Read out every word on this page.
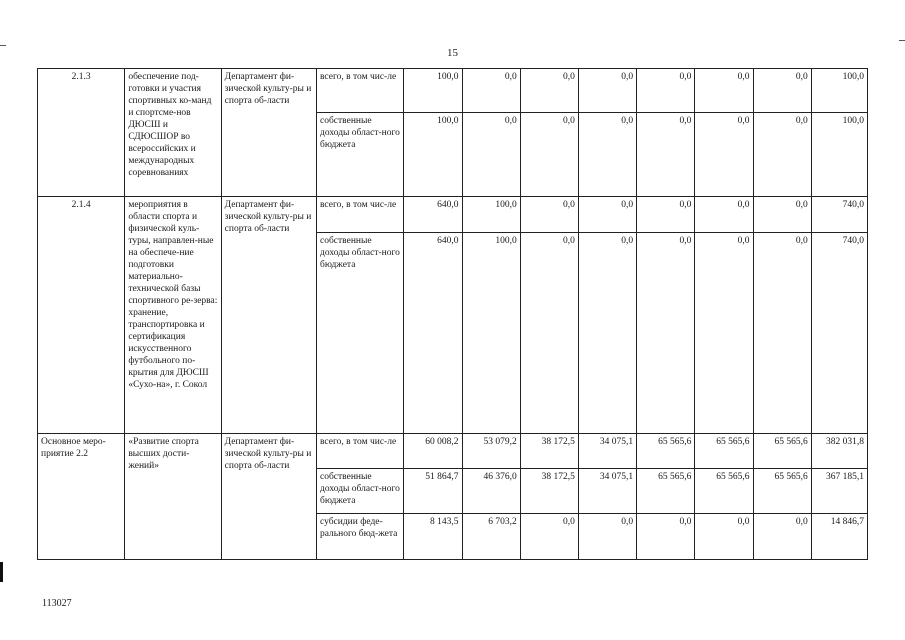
15
2.1.3	обеспечение под-готовки и участия спортивных ко-манд и спортсме-нов ДЮСШ и СДЮСШОР во всероссийских и международных соревнованиях	Департамент фи-зической культу-ры и спорта об-ласти	всего, в том чис-ле	100,0	0,0	0,0	0,0	0,0	0,0	0,0	100,0
			собственные доходы област-ного бюджета	100,0	0,0	0,0	0,0	0,0	0,0	0,0	100,0
2.1.4	мероприятия в области спорта и физической куль-туры, направлен-ные на обеспече-ние подготовки материально-технической базы спортивного ре-зерва: хранение, транспортировка и сертификация искусственного футбольного по-крытия для ДЮСШ «Сухо-на», г. Сокол	Департамент фи-зической культу-ры и спорта об-ласти	всего, в том чис-ле	640,0	100,0	0,0	0,0	0,0	0,0	0,0	740,0
			собственные доходы област-ного бюджета	640,0	100,0	0,0	0,0	0,0	0,0	0,0	740,0
Основное меро-приятие 2.2	«Развитие спорта высших дости-жений»	Департамент фи-зической культу-ры и спорта об-ласти	всего, в том чис-ле	60 008,2	53 079,2	38 172,5	34 075,1	65 565,6	65 565,6	65 565,6	382 031,8
			собственные доходы област-ного бюджета	51 864,7	46 376,0	38 172,5	34 075,1	65 565,6	65 565,6	65 565,6	367 185,1
			субсидии феде-рального бюд-жета	8 143,5	6 703,2	0,0	0,0	0,0	0,0	0,0	14 846,7
113027
